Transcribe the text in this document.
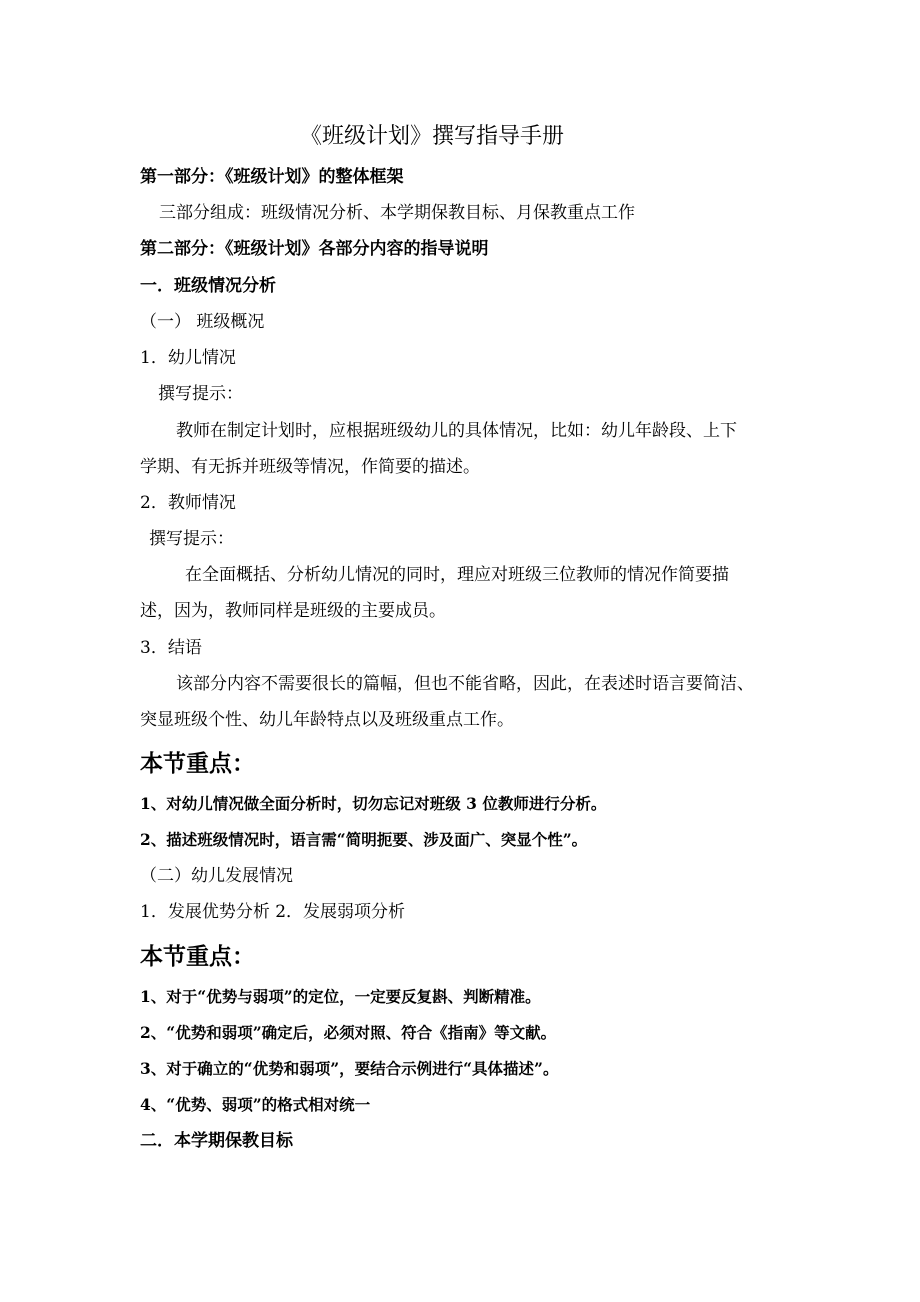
《班级计划》撰写指导手册
第一部分：《班级计划》的整体框架
三部分组成：班级情况分析、本学期保教目标、月保教重点工作
第二部分：《班级计划》各部分内容的指导说明
一．班级情况分析
（一） 班级概况
1．幼儿情况
撰写提示：
教师在制定计划时，应根据班级幼儿的具体情况，比如：幼儿年龄段、上下
学期、有无拆并班级等情况，作简要的描述。
2．教师情况
撰写提示：
在全面概括、分析幼儿情况的同时，理应对班级三位教师的情况作简要描
述，因为，教师同样是班级的主要成员。
3．结语
该部分内容不需要很长的篇幅，但也不能省略，因此，在表述时语言要简洁、
突显班级个性、幼儿年龄特点以及班级重点工作。
本节重点：
1、对幼儿情况做全面分析时，切勿忘记对班级 3 位教师进行分析。
2、描述班级情况时，语言需“简明扼要、涉及面广、突显个性”。
（二）幼儿发展情况
1．发展优势分析 2．发展弱项分析
本节重点：
1、对于“优势与弱项”的定位，一定要反复斟、判断精准。
2、“优势和弱项”确定后，必须对照、符合《指南》等文献。
3、对于确立的“优势和弱项”，要结合示例进行“具体描述”。
4、“优势、弱项”的格式相对统一
二．本学期保教目标
